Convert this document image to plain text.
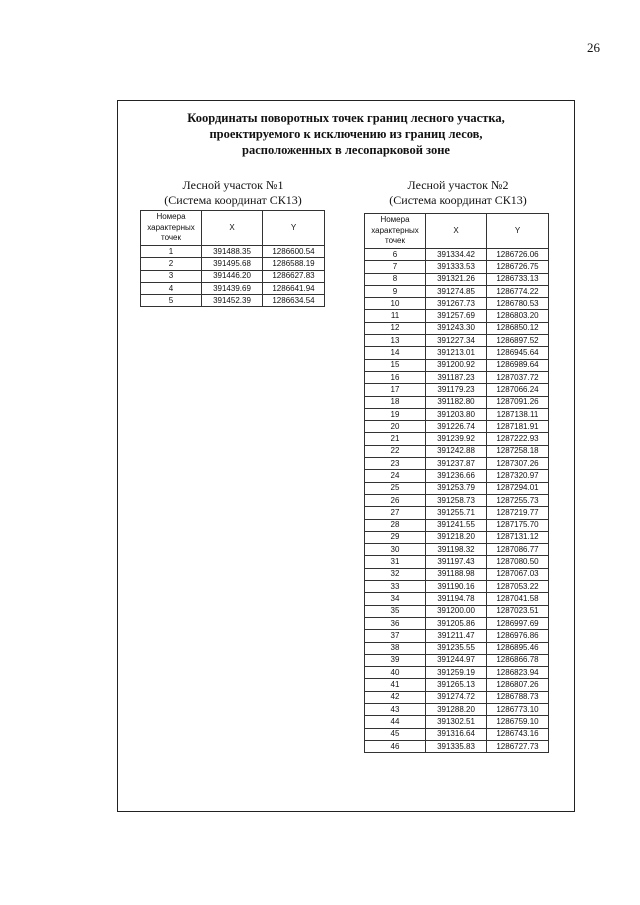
26
Координаты поворотных точек границ лесного участка,
проектируемого к исключению из границ лесов,
расположенных в лесопарковой зоне
Лесной участок №1
(Система координат СК13)
Лесной участок №2
(Система координат СК13)
Номера
характерных
точек	X	Y
1	391488.35	1286600.54
2	391495.68	1286588.19
3	391446.20	1286627.83
4	391439.69	1286641.94
5	391452.39	1286634.54
Номера
характерных
точек	X	Y
6	391334.42	1286726.06
7	391333.53	1286726.75
8	391321.26	1286733.13
9	391274.85	1286774.22
10	391267.73	1286780.53
11	391257.69	1286803.20
12	391243.30	1286850.12
13	391227.34	1286897.52
14	391213.01	1286945.64
15	391200.92	1286989.64
16	391187.23	1287037.72
17	391179.23	1287066.24
18	391182.80	1287091.26
19	391203.80	1287138.11
20	391226.74	1287181.91
21	391239.92	1287222.93
22	391242.88	1287258.18
23	391237.87	1287307.26
24	391236.66	1287320.97
25	391253.79	1287294.01
26	391258.73	1287255.73
27	391255.71	1287219.77
28	391241.55	1287175.70
29	391218.20	1287131.12
30	391198.32	1287086.77
31	391197.43	1287080.50
32	391188.98	1287067.03
33	391190.16	1287053.22
34	391194.78	1287041.58
35	391200.00	1287023.51
36	391205.86	1286997.69
37	391211.47	1286976.86
38	391235.55	1286895.46
39	391244.97	1286866.78
40	391259.19	1286823.94
41	391265.13	1286807.26
42	391274.72	1286788.73
43	391288.20	1286773.10
44	391302.51	1286759.10
45	391316.64	1286743.16
46	391335.83	1286727.73
